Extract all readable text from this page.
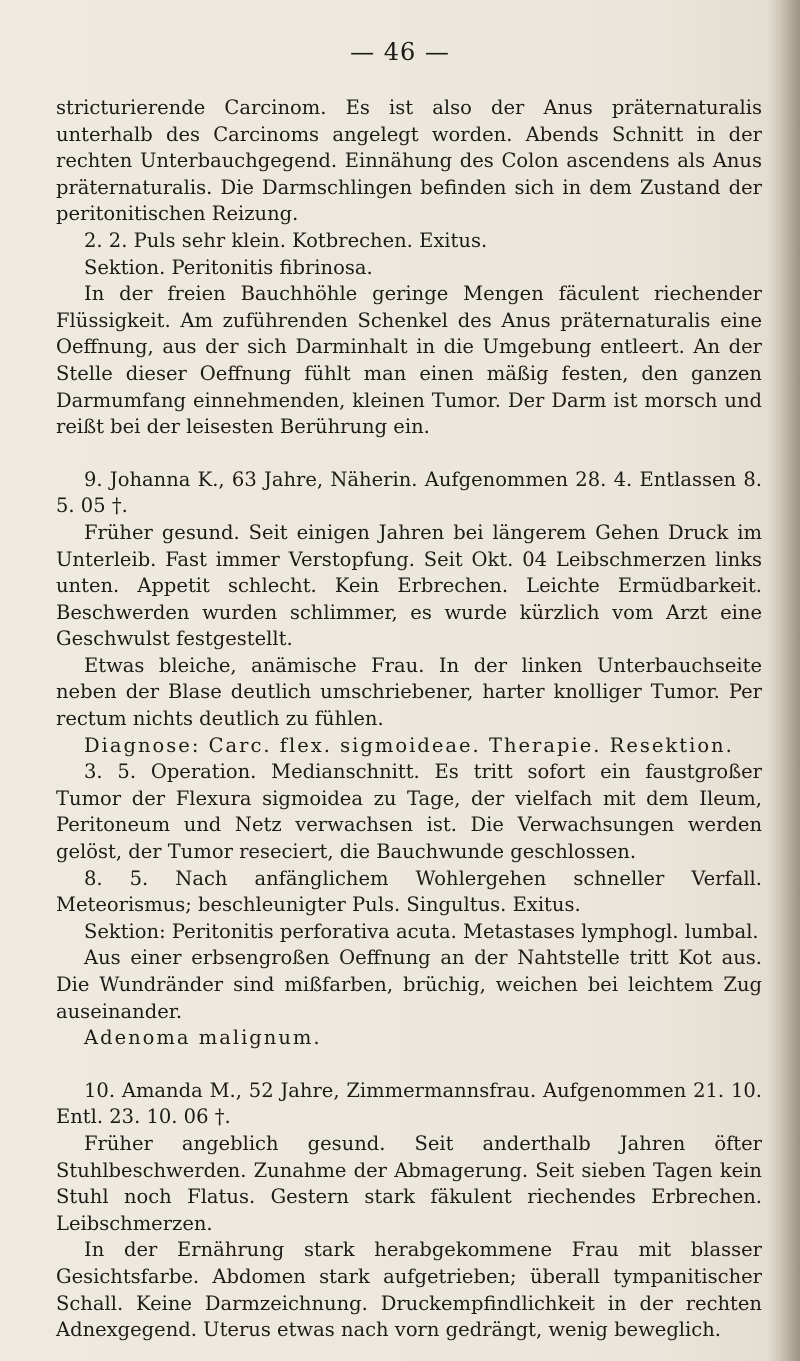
— 46 —

stricturierende Carcinom. Es ist also der Anus präternaturalis unterhalb des Carcinoms angelegt worden. Abends Schnitt in der rechten Unterbauchgegend. Einnähung des Colon ascendens als Anus präternaturalis. Die Darmschlingen befinden sich in dem Zustand der peritonitischen Reizung.

2. 2. Puls sehr klein. Kotbrechen. Exitus.

Sektion. Peritonitis fibrinosa.

In der freien Bauchhöhle geringe Mengen fäculent riechender Flüssigkeit. Am zuführenden Schenkel des Anus präternaturalis eine Oeffnung, aus der sich Darminhalt in die Umgebung entleert. An der Stelle dieser Oeffnung fühlt man einen mäßig festen, den ganzen Darmumfang einnehmenden, kleinen Tumor. Der Darm ist morsch und reißt bei der leisesten Berührung ein.

9. Johanna K., 63 Jahre, Näherin. Aufgenommen 28. 4. Entlassen 8. 5. 05 †.

Früher gesund. Seit einigen Jahren bei längerem Gehen Druck im Unterleib. Fast immer Verstopfung. Seit Okt. 04 Leibschmerzen links unten. Appetit schlecht. Kein Erbrechen. Leichte Ermüdbarkeit. Beschwerden wurden schlimmer, es wurde kürzlich vom Arzt eine Geschwulst festgestellt.

Etwas bleiche, anämische Frau. In der linken Unterbauchseite neben der Blase deutlich umschriebener, harter knolliger Tumor. Per rectum nichts deutlich zu fühlen.

Diagnose: Carc. flex. sigmoideae. Therapie. Resektion.

3. 5. Operation. Medianschnitt. Es tritt sofort ein faustgroßer Tumor der Flexura sigmoidea zu Tage, der vielfach mit dem Ileum, Peritoneum und Netz verwachsen ist. Die Verwachsungen werden gelöst, der Tumor reseciert, die Bauchwunde geschlossen.

8. 5. Nach anfänglichem Wohlergehen schneller Verfall. Meteorismus; beschleunigter Puls. Singultus. Exitus.

Sektion: Peritonitis perforativa acuta. Metastases lymphogl. lumbal.

Aus einer erbsengroßen Oeffnung an der Nahtstelle tritt Kot aus. Die Wundränder sind mißfarben, brüchig, weichen bei leichtem Zug auseinander.

Adenoma malignum.

10. Amanda M., 52 Jahre, Zimmermannsfrau. Aufgenommen 21. 10. Entl. 23. 10. 06 †.

Früher angeblich gesund. Seit anderthalb Jahren öfter Stuhlbeschwerden. Zunahme der Abmagerung. Seit sieben Tagen kein Stuhl noch Flatus. Gestern stark fäkulent riechendes Erbrechen. Leibschmerzen.

In der Ernährung stark herabgekommene Frau mit blasser Gesichtsfarbe. Abdomen stark aufgetrieben; überall tympanitischer Schall. Keine Darmzeichnung. Druckempfindlichkeit in der rechten Adnexgegend. Uterus etwas nach vorn gedrängt, wenig beweglich.
